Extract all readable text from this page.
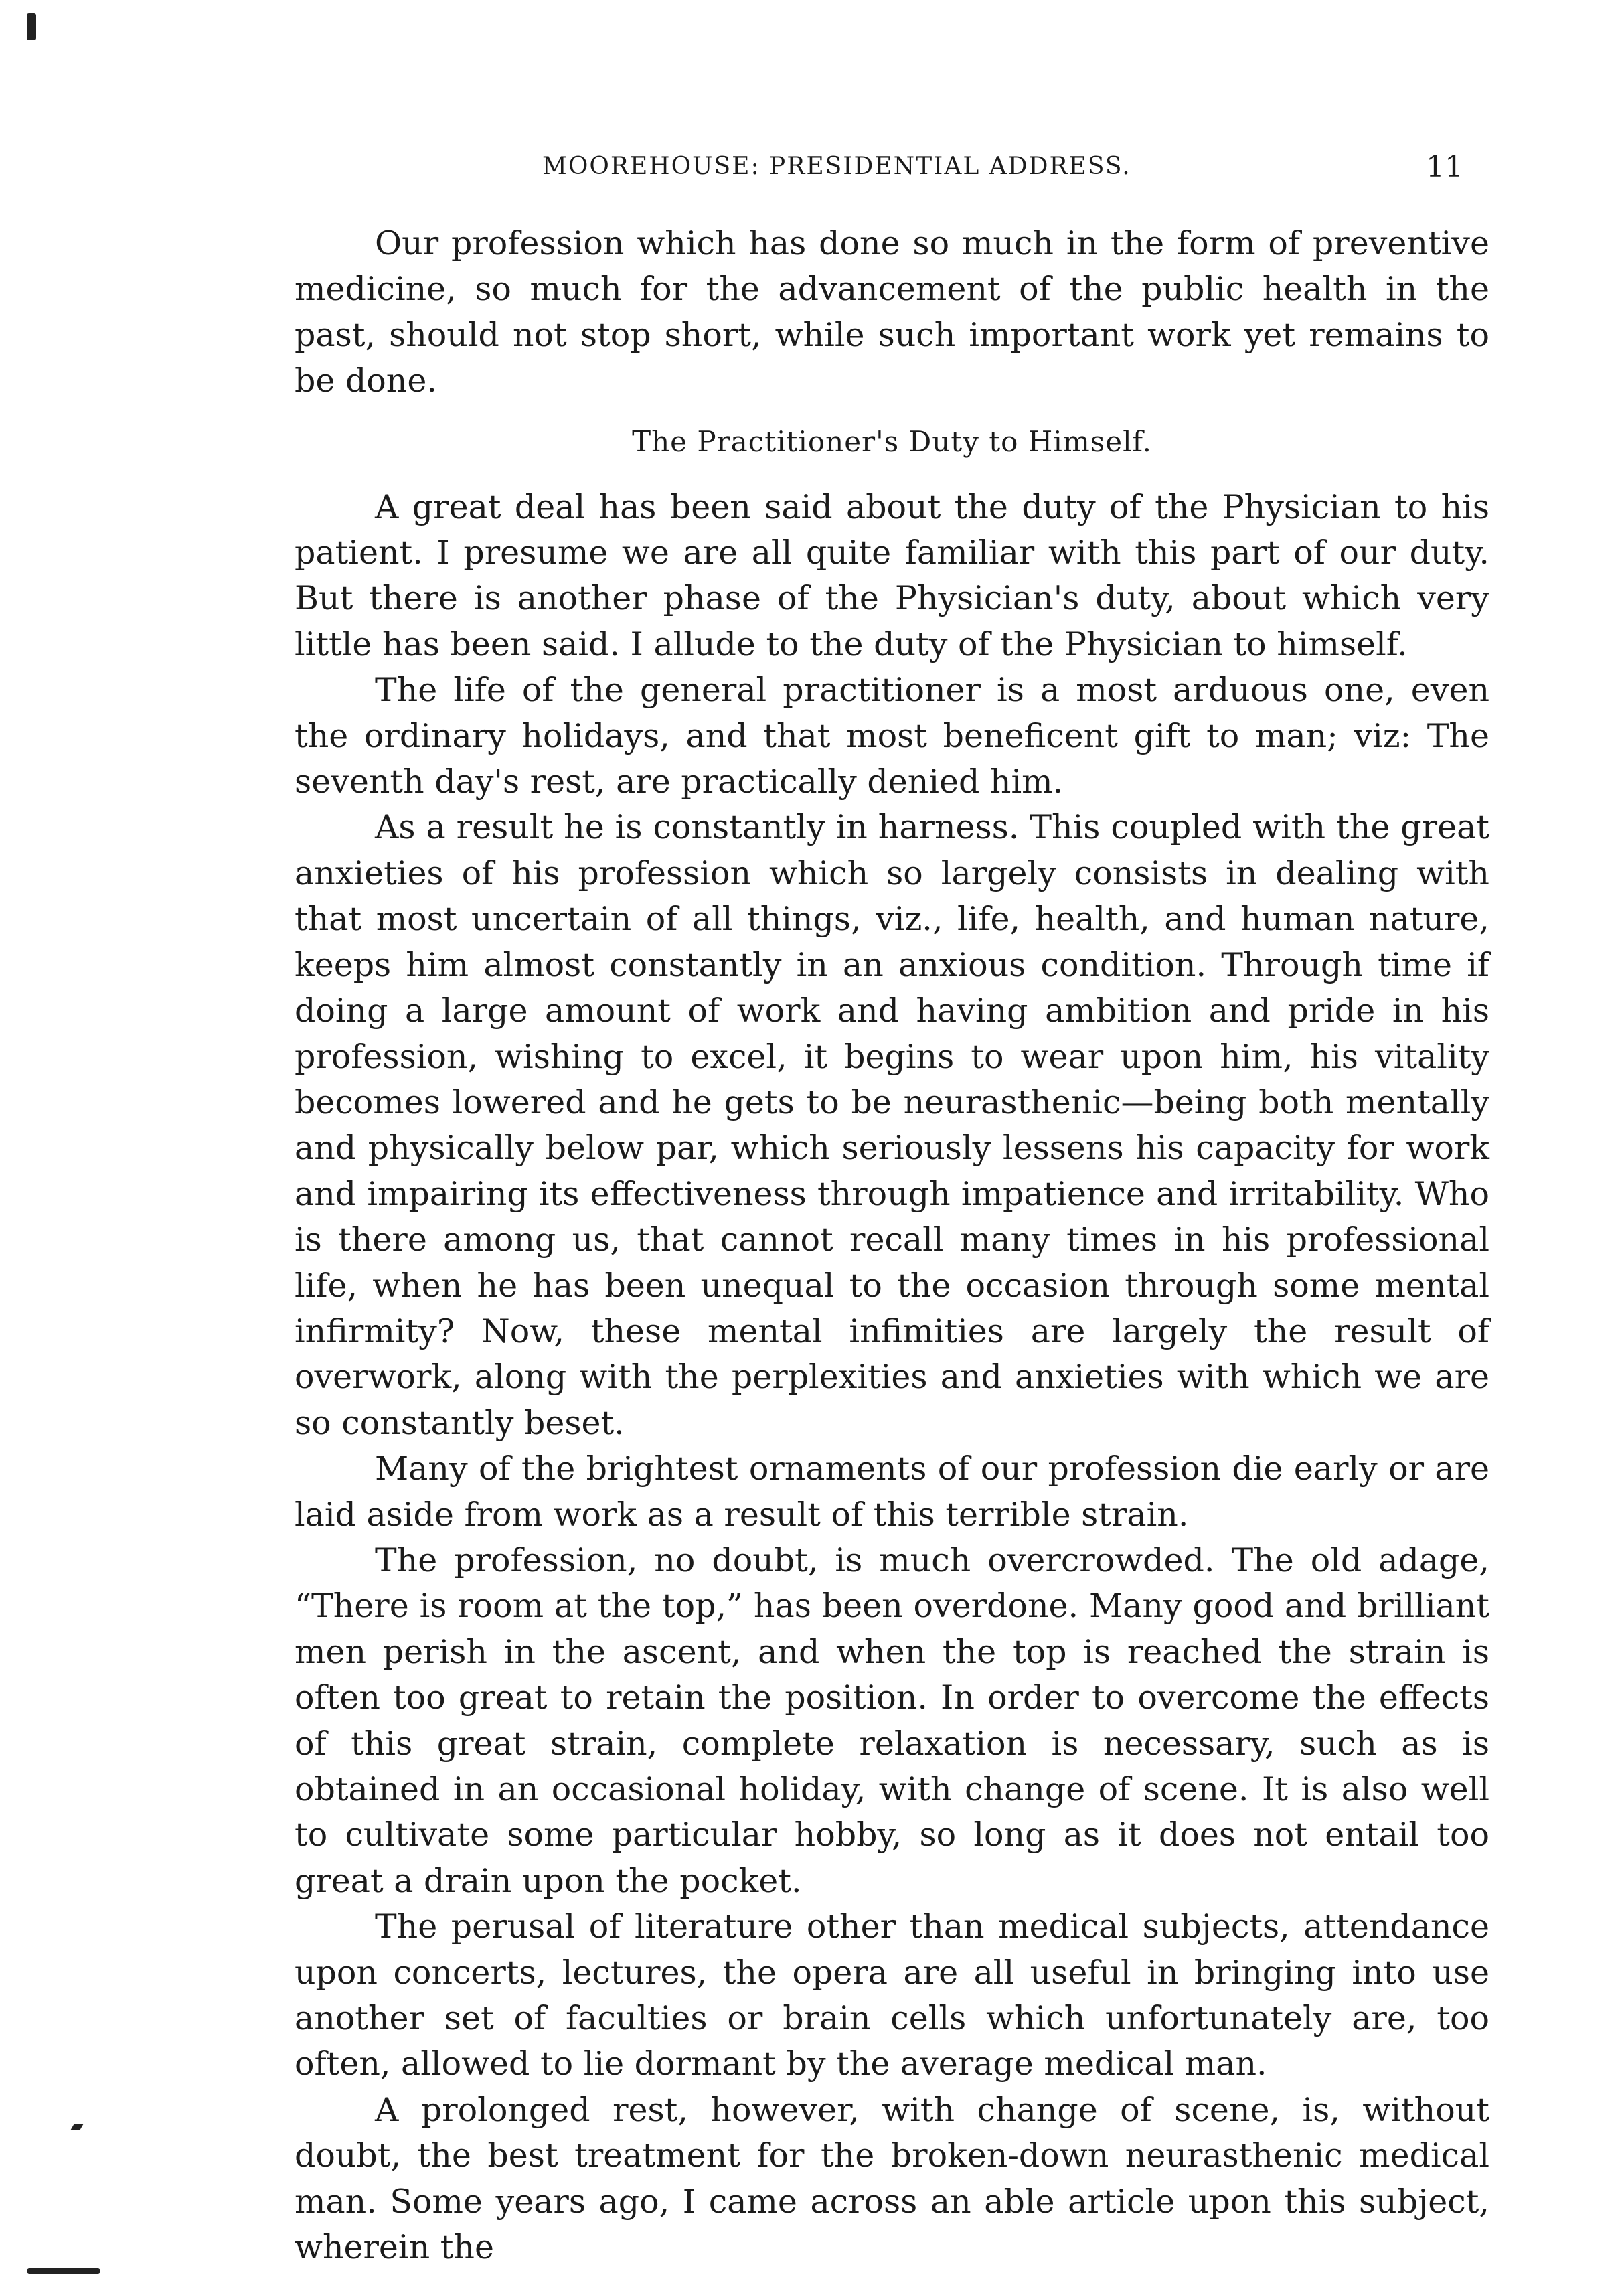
MOOREHOUSE: PRESIDENTIAL ADDRESS.	11

Our profession which has done so much in the form of preventive medicine, so much for the advancement of the public health in the past, should not stop short, while such important work yet remains to be done.

The Practitioner's Duty to Himself.

A great deal has been said about the duty of the Physician to his patient. I presume we are all quite familiar with this part of our duty. But there is another phase of the Physician's duty, about which very little has been said. I allude to the duty of the Physician to himself.

The life of the general practitioner is a most arduous one, even the ordinary holidays, and that most beneficent gift to man; viz: The seventh day's rest, are practically denied him.

As a result he is constantly in harness. This coupled with the great anxieties of his profession which so largely consists in dealing with that most uncertain of all things, viz., life, health, and human nature, keeps him almost constantly in an anxious condition. Through time if doing a large amount of work and having ambition and pride in his profession, wishing to excel, it begins to wear upon him, his vitality becomes lowered and he gets to be neurasthenic—being both mentally and physically below par, which seriously lessens his capacity for work and impairing its effectiveness through impatience and irritability. Who is there among us, that cannot recall many times in his professional life, when he has been unequal to the occasion through some mental infirmity? Now, these mental infimities are largely the result of overwork, along with the perplexities and anxieties with which we are so constantly beset.

Many of the brightest ornaments of our profession die early or are laid aside from work as a result of this terrible strain.

The profession, no doubt, is much overcrowded. The old adage, “There is room at the top,” has been overdone. Many good and brilliant men perish in the ascent, and when the top is reached the strain is often too great to retain the position. In order to overcome the effects of this great strain, complete relaxation is necessary, such as is obtained in an occasional holiday, with change of scene. It is also well to cultivate some particular hobby, so long as it does not entail too great a drain upon the pocket.

The perusal of literature other than medical subjects, attendance upon concerts, lectures, the opera are all useful in bringing into use another set of faculties or brain cells which unfortunately are, too often, allowed to lie dormant by the average medical man.

A prolonged rest, however, with change of scene, is, without doubt, the best treatment for the broken-down neurasthenic medical man. Some years ago, I came across an able article upon this subject, wherein the
